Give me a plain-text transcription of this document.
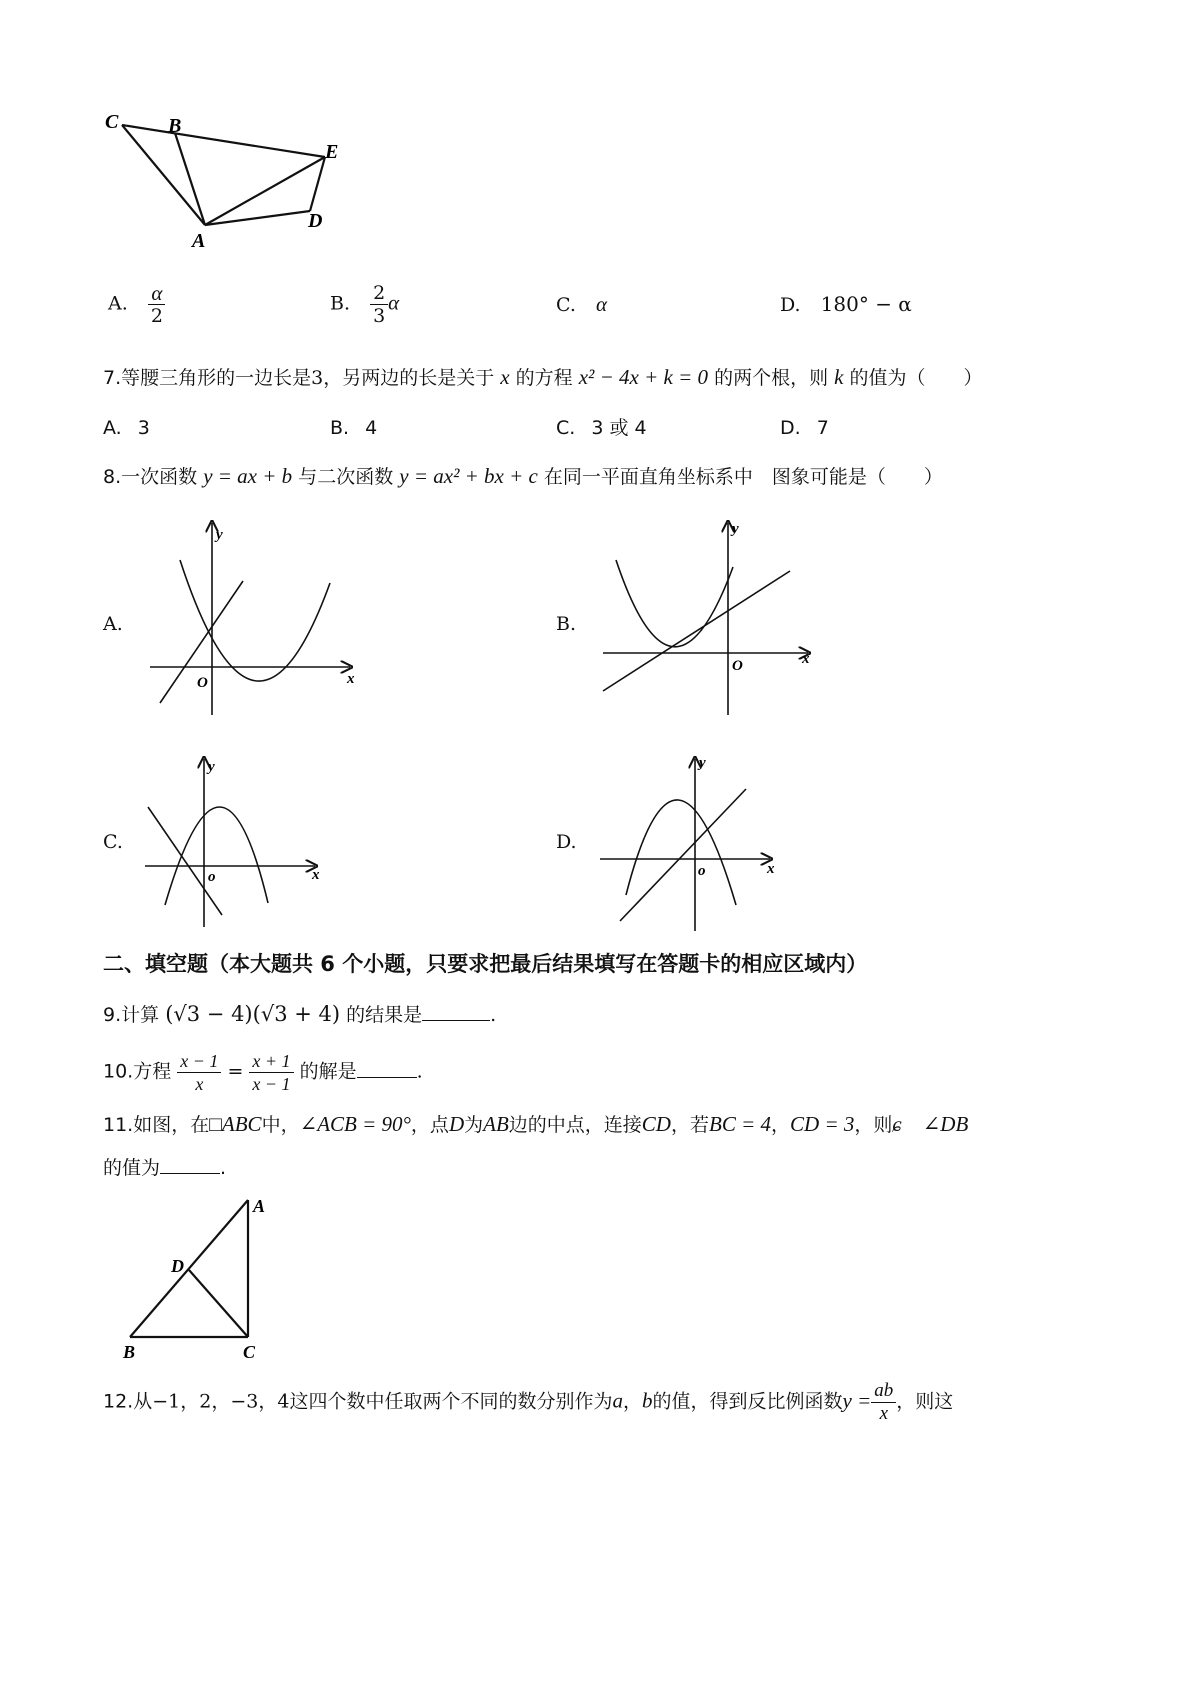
C B
E
D
A
A. $\frac{\alpha}{2}$	B. $\frac{2}{3}$ α	C. α	D. 180° − α
7.等腰三角形的一边长是3，另两边的长是关于 x 的方程 x² − 4x + k = 0 的两个根，则 k 的值为（　　）
A. 3	B. 4	C. 3 或 4	D. 7
8.一次函数 y = ax + b 与二次函数 y = ax² + bx + c 在同一平面直角坐标系中　图象可能是（　　）
A.
O	x
y
B.
O	x
y
C.
o	x
y
D.
o	x
y
二、填空题（本大题共 6 个小题，只要求把最后结果填写在答题卡的相应区域内）
9.计算 (√3 − 4)(√3 + 4) 的结果是	.
10.方程 $\frac{x - 1}{x} = \frac{x + 1}{x - 1}$ 的解是	.
11.如图，在□ABC中，∠ACB = 90°，点D为AB边的中点，连接CD，若BC = 4，CD = 3，则ɕ　∠DB
的值为	.
A
D
B	C
12.从−1，2，−3，4这四个数中任取两个不同的数分别作为a，b的值，得到反比例函数$y = \frac{ab}{x}$ ，则这
